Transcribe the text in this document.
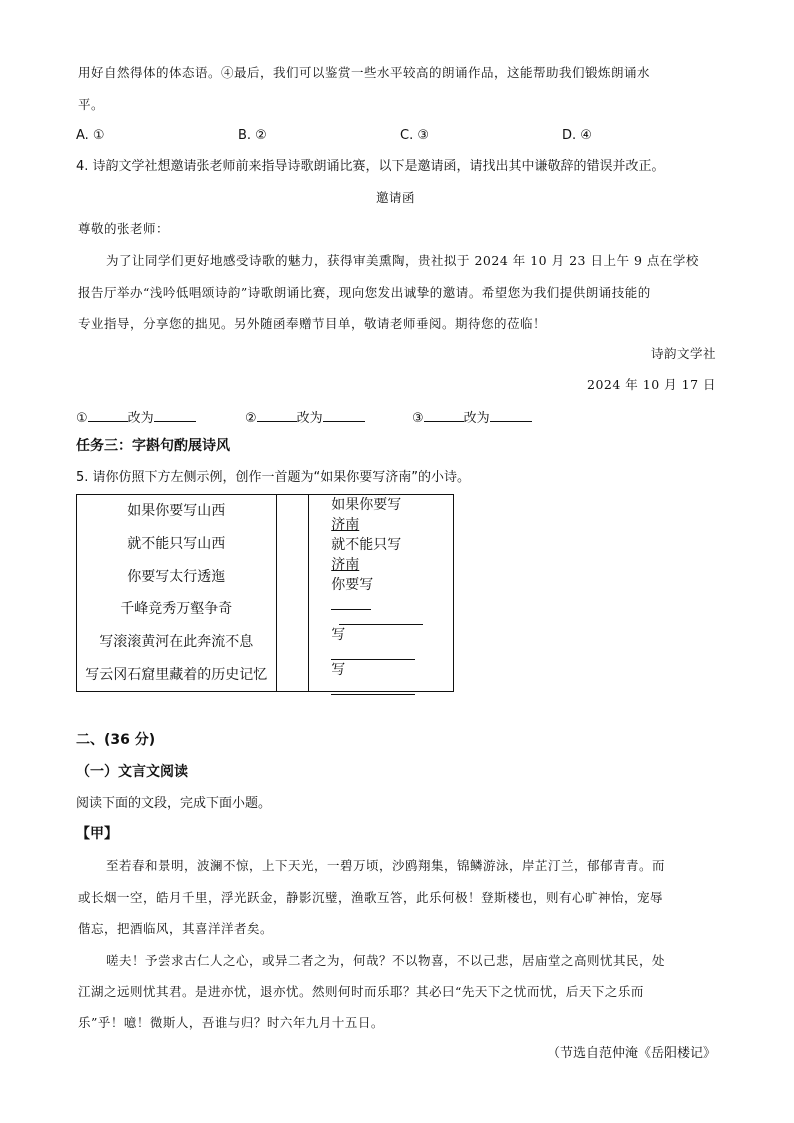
用好自然得体的体态语。④最后，我们可以鉴赏一些水平较高的朗诵作品，这能帮助我们锻炼朗诵水
平。
A. ①	B. ②	C. ③	D. ④
4. 诗韵文学社想邀请张老师前来指导诗歌朗诵比赛，以下是邀请函，请找出其中谦敬辞的错误并改正。
邀请函
尊敬的张老师：
为了让同学们更好地感受诗歌的魅力，获得审美熏陶，贵社拟于 2024 年 10 月 23 日上午 9 点在学校
报告厅举办“浅吟低唱颂诗韵”诗歌朗诵比赛，现向您发出诚挚的邀请。希望您为我们提供朗诵技能的
专业指导，分享您的拙见。另外随函奉赠节目单，敬请老师垂阅。期待您的莅临！
诗韵文学社
2024 年 10 月 17 日
①	改为	②	改为	③	改为
任务三：字斟句酌展诗风
5. 请你仿照下方左侧示例，创作一首题为“如果你要写济南”的小诗。
如果你要写山西
就不能只写山西
你要写太行透迤
千峰竞秀万壑争奇
写滚滚黄河在此奔流不息
写云冈石窟里藏着的历史记忆

如果你要写
济南
就不能只写
济南
你要写
写
写
二、(36 分)
（一）文言文阅读
阅读下面的文段，完成下面小题。
【甲】
至若春和景明，波澜不惊，上下天光，一碧万顷，沙鸥翔集，锦鳞游泳，岸芷汀兰，郁郁青青。而
或长烟一空，皓月千里，浮光跃金，静影沉璧，渔歌互答，此乐何极！登斯楼也，则有心旷神怡，宠辱
偕忘，把酒临风，其喜洋洋者矣。
嗟夫！予尝求古仁人之心，或异二者之为，何哉？不以物喜，不以己悲，居庙堂之高则忧其民，处
江湖之远则忧其君。是进亦忧，退亦忧。然则何时而乐耶？其必曰“先天下之忧而忧，后天下之乐而
乐”乎！噫！微斯人，吾谁与归？时六年九月十五日。
（节选自范仲淹《岳阳楼记》
